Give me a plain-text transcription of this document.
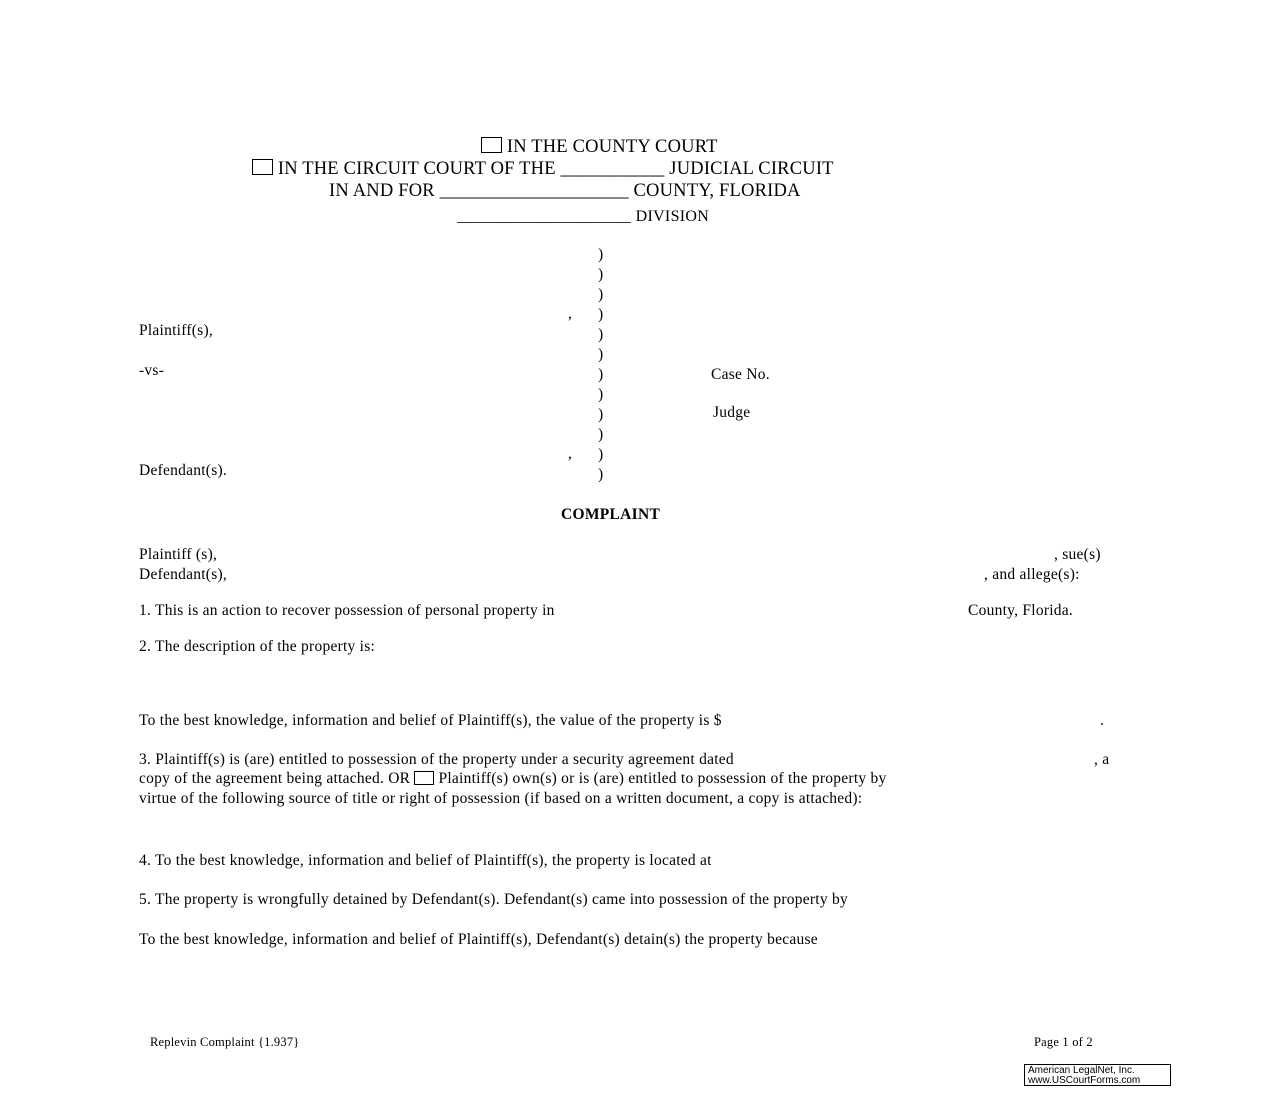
IN THE COUNTY COURT
IN THE CIRCUIT COURT OF THE ___________ JUDICIAL CIRCUIT
IN AND FOR ____________________ COUNTY, FLORIDA
_____________________ DIVISION
)
)
)
)
)
)
)
)
)
)
)
)
,
,
Plaintiff(s),
-vs-	Case No.
Judge
Defendant(s).
COMPLAINT
Plaintiff (s),	, sue(s)
Defendant(s),	, and allege(s):
1. This is an action to recover possession of personal property in	County, Florida.
2. The description of the property is:
To the best knowledge, information and belief of Plaintiff(s), the value of the property is $	.
3. Plaintiff(s) is (are) entitled to possession of the property under a security agreement dated	, a
copy of the agreement being attached. OR Plaintiff(s) own(s) or is (are) entitled to possession of the property by
virtue of the following source of title or right of possession (if based on a written document, a copy is attached):
4. To the best knowledge, information and belief of Plaintiff(s), the property is located at
5. The property is wrongfully detained by Defendant(s). Defendant(s) came into possession of the property by
To the best knowledge, information and belief of Plaintiff(s), Defendant(s) detain(s) the property because
Replevin Complaint {1.937}	Page 1 of 2
American LegalNet, Inc.
www.USCourtForms.com
